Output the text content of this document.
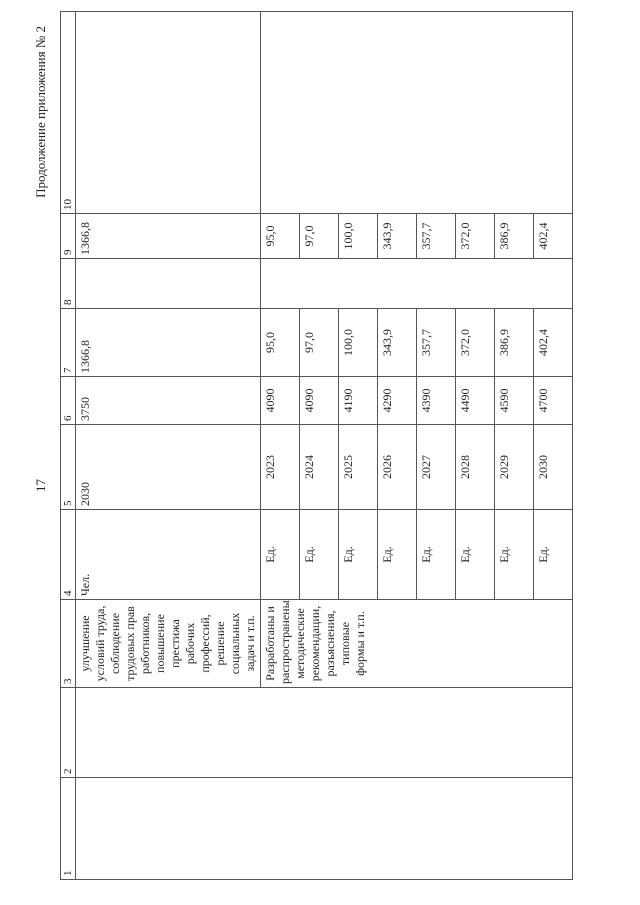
17
Продолжение приложения № 2
1	2	3	4	5	6	7	8	9	10	
		улучшение условий труда, соблюдение трудовых прав работников, повышение престижа рабочих профессий, решение социальных задач и т.п.	Чел.	2030	3750	1366,8		1366,8		
		Разработаны и распространены методические рекомендации, разъяснения, типовые формы и т.п.	Ед.	2023	4090	95,0		95,0		
			Ед.	2024	4090	97,0		97,0		
			Ед.	2025	4190	100,0		100,0		
			Ед.	2026	4290	343,9		343,9		
			Ед.	2027	4390	357,7		357,7		
			Ед.	2028	4490	372,0		372,0		
			Ед.	2029	4590	386,9		386,9		
			Ед.	2030	4700	402,4		402,4		
